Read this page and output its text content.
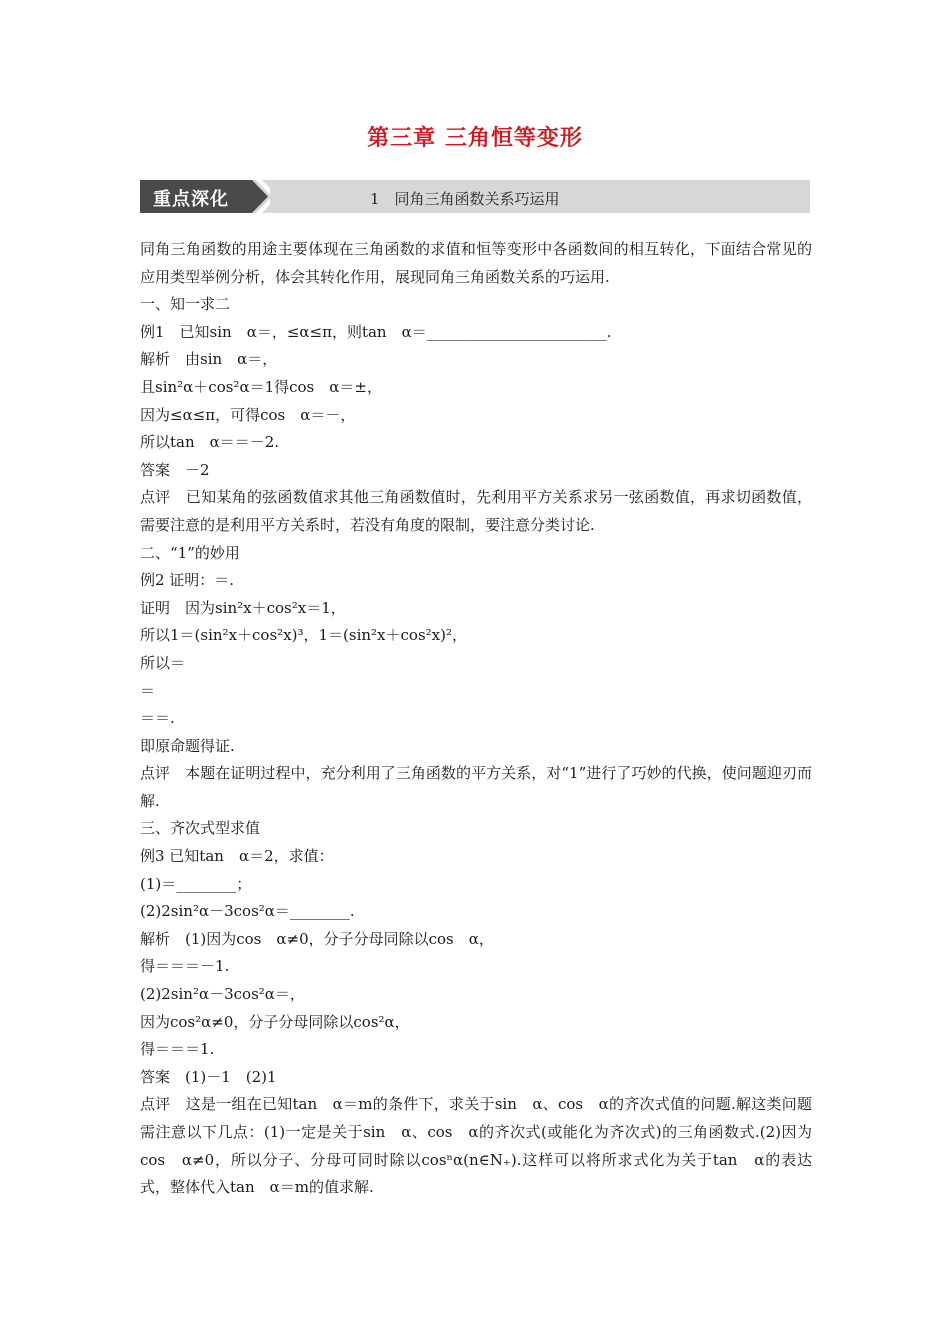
第三章 三角恒等变形
重点深化	1　同角三角函数关系巧运用
同角三角函数的用途主要体现在三角函数的求值和恒等变形中各函数间的相互转化，下面结合常见的应用类型举例分析，体会其转化作用，展现同角三角函数关系的巧运用.
一、知一求二
例1　已知sin　α＝，≤α≤π，则tan　α＝________________________.
解析　由sin　α＝，
且sin²α＋cos²α＝1得cos　α＝±，
因为≤α≤π，可得cos　α＝－，
所以tan　α＝＝－2.
答案　－2
点评　已知某角的弦函数值求其他三角函数值时，先利用平方关系求另一弦函数值，再求切函数值，需要注意的是利用平方关系时，若没有角度的限制，要注意分类讨论.
二、“1”的妙用
例2 证明：＝.
证明　因为sin²x＋cos²x＝1，
所以1＝(sin²x＋cos²x)³，1＝(sin²x＋cos²x)²，
所以＝
＝
＝＝.
即原命题得证.
点评　本题在证明过程中，充分利用了三角函数的平方关系，对“1”进行了巧妙的代换，使问题迎刃而解.
三、齐次式型求值
例3 已知tan　α＝2，求值：
(1)＝________；
(2)2sin²α－3cos²α＝________.
解析　(1)因为cos　α≠0，分子分母同除以cos　α，
得＝＝＝－1.
(2)2sin²α－3cos²α＝，
因为cos²α≠0，分子分母同除以cos²α，
得＝＝＝1.
答案　(1)－1　(2)1
点评　这是一组在已知tan　α＝m的条件下，求关于sin　α、cos　α的齐次式值的问题.解这类问题需注意以下几点：(1)一定是关于sin　α、cos　α的齐次式(或能化为齐次式)的三角函数式.(2)因为cos　α≠0，所以分子、分母可同时除以cosⁿα(n∈N₊).这样可以将所求式化为关于tan　α的表达式，整体代入tan　α＝m的值求解.
